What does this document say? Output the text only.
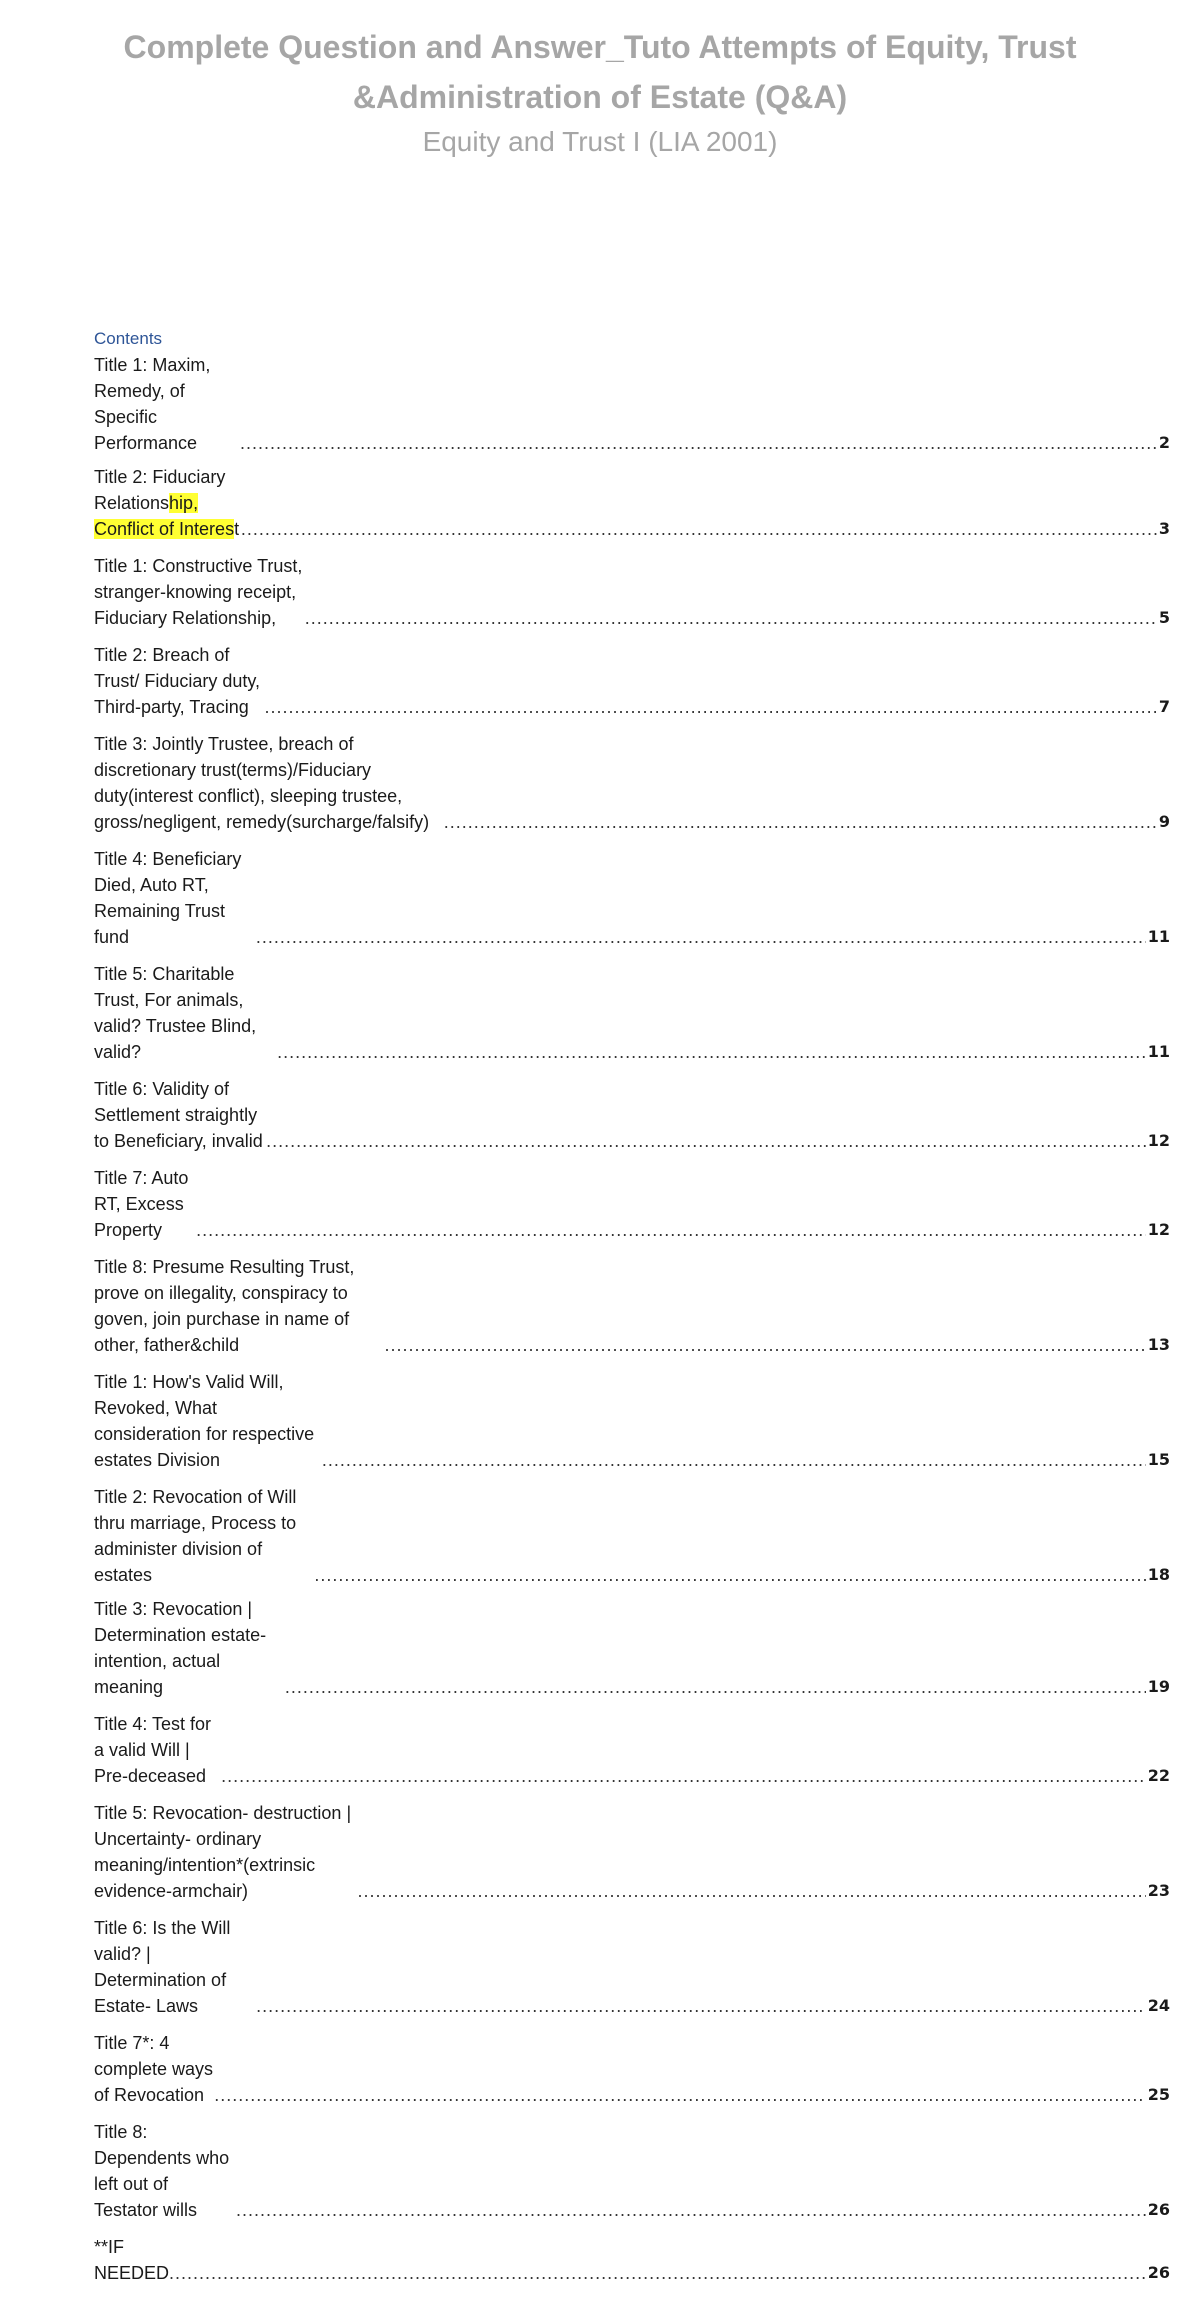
Complete Question and Answer_Tuto Attempts of Equity, Trust &Administration of Estate (Q&A)
Equity and Trust I (LIA 2001)
Contents
Title 1: Maxim, Remedy, of Specific Performance .....	2
Title 2: Fiduciary Relationship, Conflict of Interest .....	3
Title 1: Constructive Trust, stranger-knowing receipt, Fiduciary Relationship, .....	5
Title 2: Breach of Trust/ Fiduciary duty, Third-party, Tracing .....	7
Title 3: Jointly Trustee, breach of discretionary trust(terms)/Fiduciary duty(interest conflict), sleeping trustee, gross/negligent, remedy(surcharge/falsify) .....	9
Title 4: Beneficiary Died, Auto RT, Remaining Trust fund .....	11
Title 5: Charitable Trust, For animals, valid? Trustee Blind, valid? .....	11
Title 6: Validity of Settlement straightly to Beneficiary, invalid .....	12
Title 7: Auto RT, Excess Property .....	12
Title 8: Presume Resulting Trust, prove on illegality, conspiracy to goven, join purchase in name of other, father&child .....	13
Title 1: How's Valid Will, Revoked, What consideration for respective estates Division .....	15
Title 2: Revocation of Will thru marriage, Process to administer division of estates .....	18
Title 3: Revocation | Determination estate- intention, actual meaning .....	19
Title 4: Test for a valid Will | Pre-deceased .....	22
Title 5: Revocation- destruction | Uncertainty- ordinary meaning/intention*(extrinsic evidence-armchair) .....	23
Title 6: Is the Will valid? | Determination of Estate- Laws .....	24
Title 7*: 4 complete ways of Revocation .....	25
Title 8: Dependents who left out of Testator wills .....	26
**IF NEEDED .....	26
